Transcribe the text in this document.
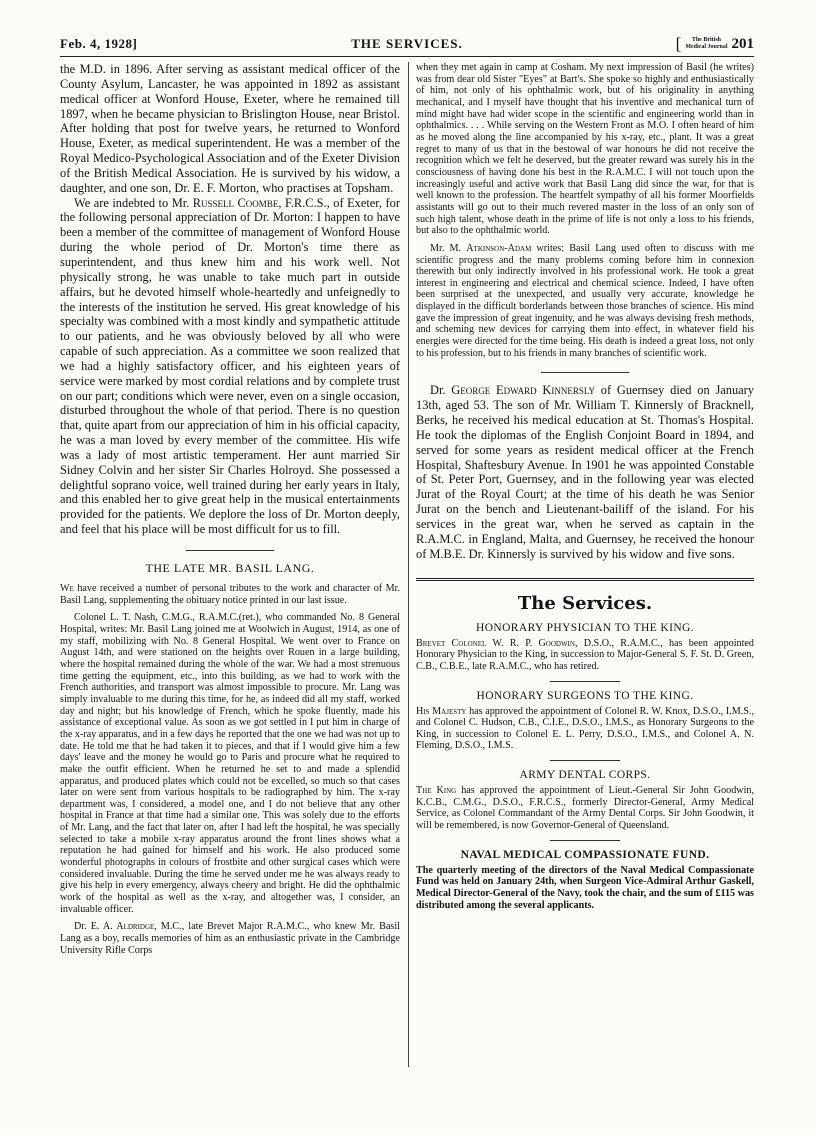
Feb. 4, 1928]	THE SERVICES.	[	The British
Medical Journal 201

the M.D. in 1896. After serving as assistant medical officer of the County Asylum, Lancaster, he was appointed in 1892 as assistant medical officer at Wonford House, Exeter, where he remained till 1897, when he became physician to Brislington House, near Bristol. After holding that post for twelve years, he returned to Wonford House, Exeter, as medical superintendent. He was a member of the Royal Medico-Psychological Association and of the Exeter Division of the British Medical Association. He is survived by his widow, a daughter, and one son, Dr. E. F. Morton, who practises at Topsham.

We are indebted to Mr. Russell Coombe, F.R.C.S., of Exeter, for the following personal appreciation of Dr. Morton: I happen to have been a member of the committee of management of Wonford House during the whole period of Dr. Morton's time there as superintendent, and thus knew him and his work well. Not physically strong, he was unable to take much part in outside affairs, but he devoted himself whole-heartedly and unfeignedly to the interests of the institution he served. His great knowledge of his specialty was combined with a most kindly and sympathetic attitude to our patients, and he was obviously beloved by all who were capable of such appreciation. As a committee we soon realized that we had a highly satisfactory officer, and his eighteen years of service were marked by most cordial relations and by complete trust on our part; conditions which were never, even on a single occasion, disturbed throughout the whole of that period. There is no question that, quite apart from our appreciation of him in his official capacity, he was a man loved by every member of the committee. His wife was a lady of most artistic temperament. Her aunt married Sir Sidney Colvin and her sister Sir Charles Holroyd. She possessed a delightful soprano voice, well trained during her early years in Italy, and this enabled her to give great help in the musical entertainments provided for the patients. We deplore the loss of Dr. Morton deeply, and feel that his place will be most difficult for us to fill.

THE LATE MR. BASIL LANG.

We have received a number of personal tributes to the work and character of Mr. Basil Lang, supplementing the obituary notice printed in our last issue.

Colonel L. T. Nash, C.M.G., R.A.M.C.(ret.), who commanded No. 8 General Hospital, writes: Mr. Basil Lang joined me at Woolwich in August, 1914, as one of my staff, mobilizing with No. 8 General Hospital. We went over to France on August 14th, and were stationed on the heights over Rouen in a large building, where the hospital remained during the whole of the war. We had a most strenuous time getting the equipment, etc., into this building, as we had to work with the French authorities, and transport was almost impossible to procure. Mr. Lang was simply invaluable to me during this time, for he, as indeed did all my staff, worked day and night; but his knowledge of French, which he spoke fluently, made his assistance of exceptional value. As soon as we got settled in I put him in charge of the x-ray apparatus, and in a few days he reported that the one we had was not up to date. He told me that he had taken it to pieces, and that if I would give him a few days' leave and the money he would go to Paris and procure what he required to make the outfit efficient. When he returned he set to and made a splendid apparatus, and produced plates which could not be excelled, so much so that cases later on were sent from various hospitals to be radiographed by him. The x-ray department was, I considered, a model one, and I do not believe that any other hospital in France at that time had a similar one. This was solely due to the efforts of Mr. Lang, and the fact that later on, after I had left the hospital, he was specially selected to take a mobile x-ray apparatus around the front lines shows what a reputation he had gained for himself and his work. He also produced some wonderful photographs in colours of frostbite and other surgical cases which were considered invaluable. During the time he served under me he was always ready to give his help in every emergency, always cheery and bright. He did the ophthalmic work of the hospital as well as the x-ray, and altogether was, I consider, an invaluable officer.

Dr. E. A. Aldridge, M.C., late Brevet Major R.A.M.C., who knew Mr. Basil Lang as a boy, recalls memories of him as an enthusiastic private in the Cambridge University Rifle Corps

when they met again in camp at Cosham. My next impression of Basil (he writes) was from dear old Sister "Eyes" at Bart's. She spoke so highly and enthusiastically of him, not only of his ophthalmic work, but of his originality in anything mechanical, and I myself have thought that his inventive and mechanical turn of mind might have had wider scope in the scientific and engineering world than in ophthalmics. . . . While serving on the Western Front as M.O. I often heard of him as he moved along the line accompanied by his x-ray, etc., plant. It was a great regret to many of us that in the bestowal of war honours he did not receive the recognition which we felt he deserved, but the greater reward was surely his in the consciousness of having done his best in the R.A.M.C. I will not touch upon the increasingly useful and active work that Basil Lang did since the war, for that is well known to the profession. The heartfelt sympathy of all his former Moorfields assistants will go out to their much revered master in the loss of an only son of such high talent, whose death in the prime of life is not only a loss to his friends, but also to the ophthalmic world.

Mr. M. Atkinson-Adam writes: Basil Lang used often to discuss with me scientific progress and the many problems coming before him in connexion therewith but only indirectly involved in his professional work. He took a great interest in engineering and electrical and chemical science. Indeed, I have often been surprised at the unexpected, and usually very accurate, knowledge he displayed in the difficult borderlands between those branches of science. His mind gave the impression of great ingenuity, and he was always devising fresh methods, and scheming new devices for carrying them into effect, in whatever field his energies were directed for the time being. His death is indeed a great loss, not only to his profession, but to his friends in many branches of scientific work.

Dr. George Edward Kinnersly of Guernsey died on January 13th, aged 53. The son of Mr. William T. Kinnersly of Bracknell, Berks, he received his medical education at St. Thomas's Hospital. He took the diplomas of the English Conjoint Board in 1894, and served for some years as resident medical officer at the French Hospital, Shaftesbury Avenue. In 1901 he was appointed Constable of St. Peter Port, Guernsey, and in the following year was elected Jurat of the Royal Court; at the time of his death he was Senior Jurat on the bench and Lieutenant-bailiff of the island. For his services in the great war, when he served as captain in the R.A.M.C. in England, Malta, and Guernsey, he received the honour of M.B.E. Dr. Kinnersly is survived by his widow and five sons.

The Services.
HONORARY PHYSICIAN TO THE KING.

Brevet Colonel W. R. P. Goodwin, D.S.O., R.A.M.C., has been appointed Honorary Physician to the King, in succession to Major-General S. F. St. D. Green, C.B., C.B.E., late R.A.M.C., who has retired.

HONORARY SURGEONS TO THE KING.

His Majesty has approved the appointment of Colonel R. W. Knox, D.S.O., I.M.S., and Colonel C. Hudson, C.B., C.I.E., D.S.O., I.M.S., as Honorary Surgeons to the King, in succession to Colonel E. L. Perry, D.S.O., I.M.S., and Colonel A. N. Fleming, D.S.O., I.M.S.

ARMY DENTAL CORPS.

The King has approved the appointment of Lieut.-General Sir John Goodwin, K.C.B., C.M.G., D.S.O., F.R.C.S., formerly Director-General, Army Medical Service, as Colonel Commandant of the Army Dental Corps. Sir John Goodwin, it will be remembered, is now Governor-General of Queensland.

NAVAL MEDICAL COMPASSIONATE FUND.

The quarterly meeting of the directors of the Naval Medical Compassionate Fund was held on January 24th, when Surgeon Vice-Admiral Arthur Gaskell, Medical Director-General of the Navy, took the chair, and the sum of £115 was distributed among the several applicants.
